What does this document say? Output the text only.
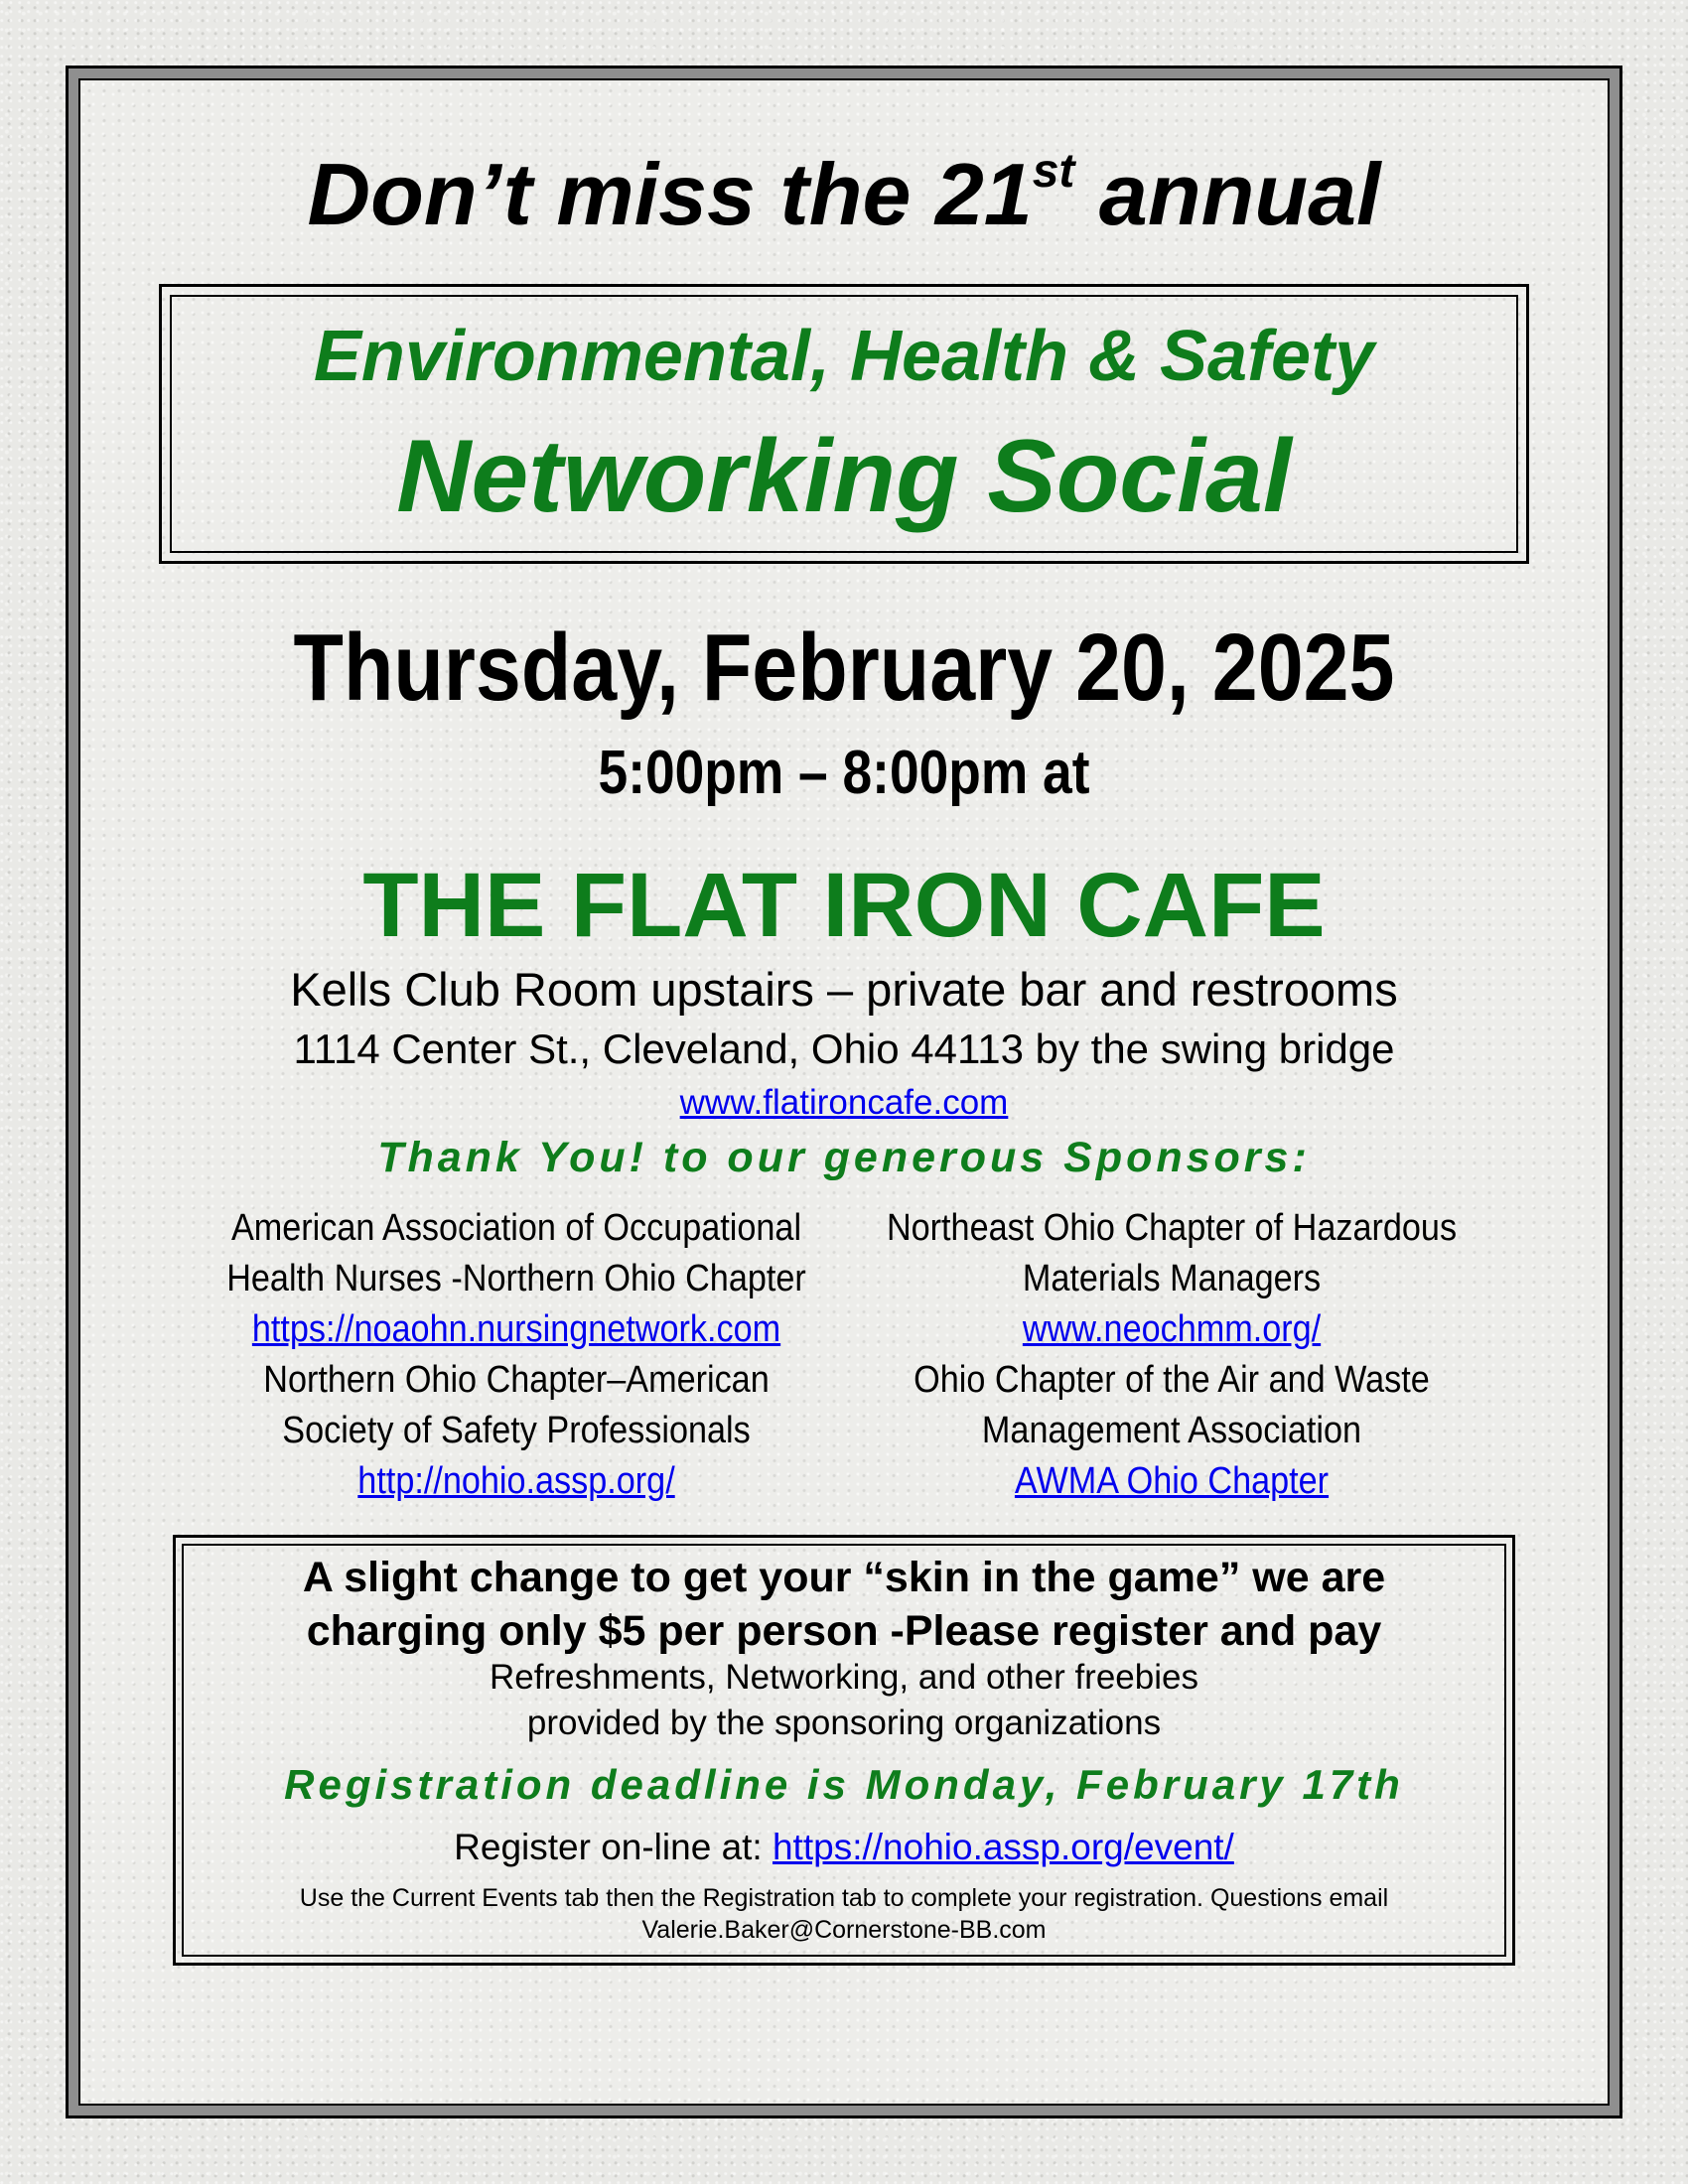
Don’t miss the 21st annual
Environmental, Health & Safety
Networking Social
Thursday, February 20, 2025
5:00pm – 8:00pm at
THE FLAT IRON CAFE
Kells Club Room upstairs – private bar and restrooms
1114 Center St., Cleveland, Ohio 44113 by the swing bridge
www.flatironcafe.com
Thank You! to our generous Sponsors:
American Association of Occupational
Health Nurses -Northern Ohio Chapter
https://noaohn.nursingnetwork.com
Northern Ohio Chapter–American
Society of Safety Professionals
http://nohio.assp.org/
Northeast Ohio Chapter of Hazardous
Materials Managers
www.neochmm.org/
Ohio Chapter of the Air and Waste
Management Association
AWMA Ohio Chapter
A slight change to get your “skin in the game” we are
charging only $5 per person -Please register and pay
Refreshments, Networking, and other freebies
provided by the sponsoring organizations
Registration deadline is Monday, February 17th
Register on-line at: https://nohio.assp.org/event/
Use the Current Events tab then the Registration tab to complete your registration. Questions email
Valerie.Baker@Cornerstone-BB.com
